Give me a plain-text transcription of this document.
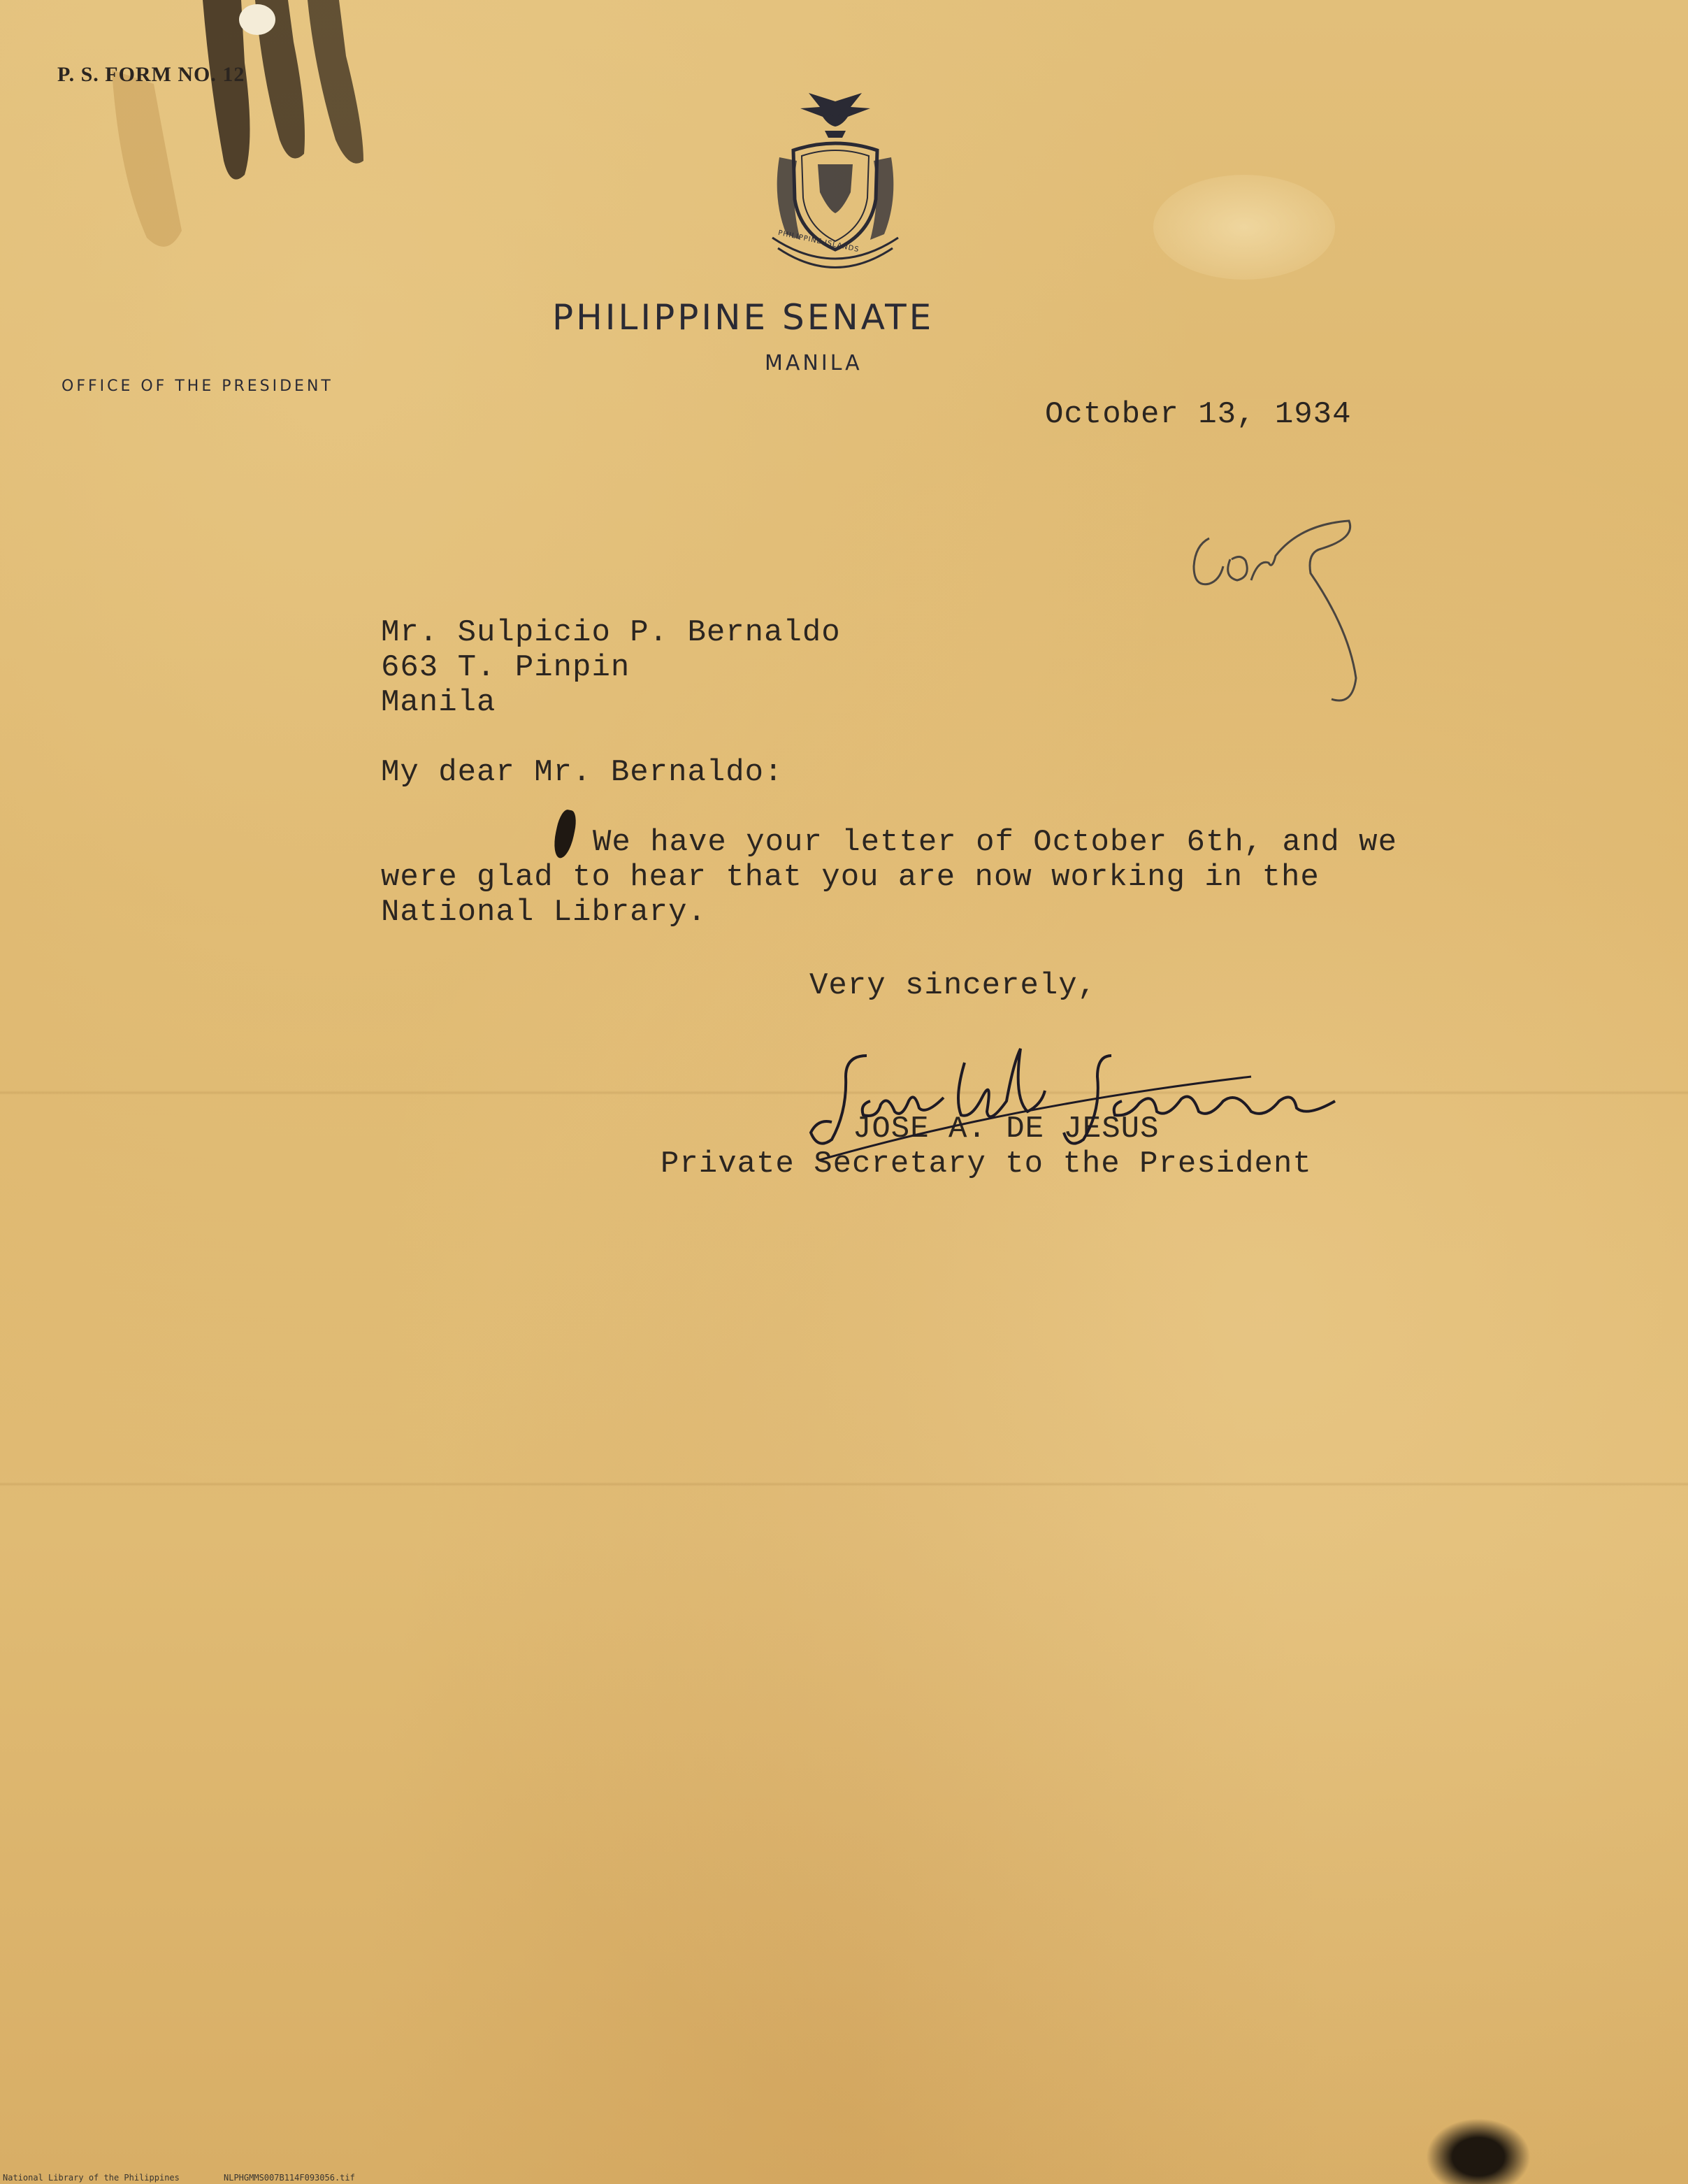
P. S. FORM NO. 12
PHILIPPINE ISLANDS
PHILIPPINE SENATE
MANILA
OFFICE OF THE PRESIDENT
October 13, 1934
Mr. Sulpicio P. Bernaldo
663 T. Pinpin
Manila
My dear Mr. Bernaldo:
We have your letter of October 6th, and we
were glad to hear that you are now working in the
National Library.
Very sincerely,
JOSE A. DE JESUS
Private Secretary to the President
National Library of the Philippines	NLPHGMMS007B114F093056.tif
